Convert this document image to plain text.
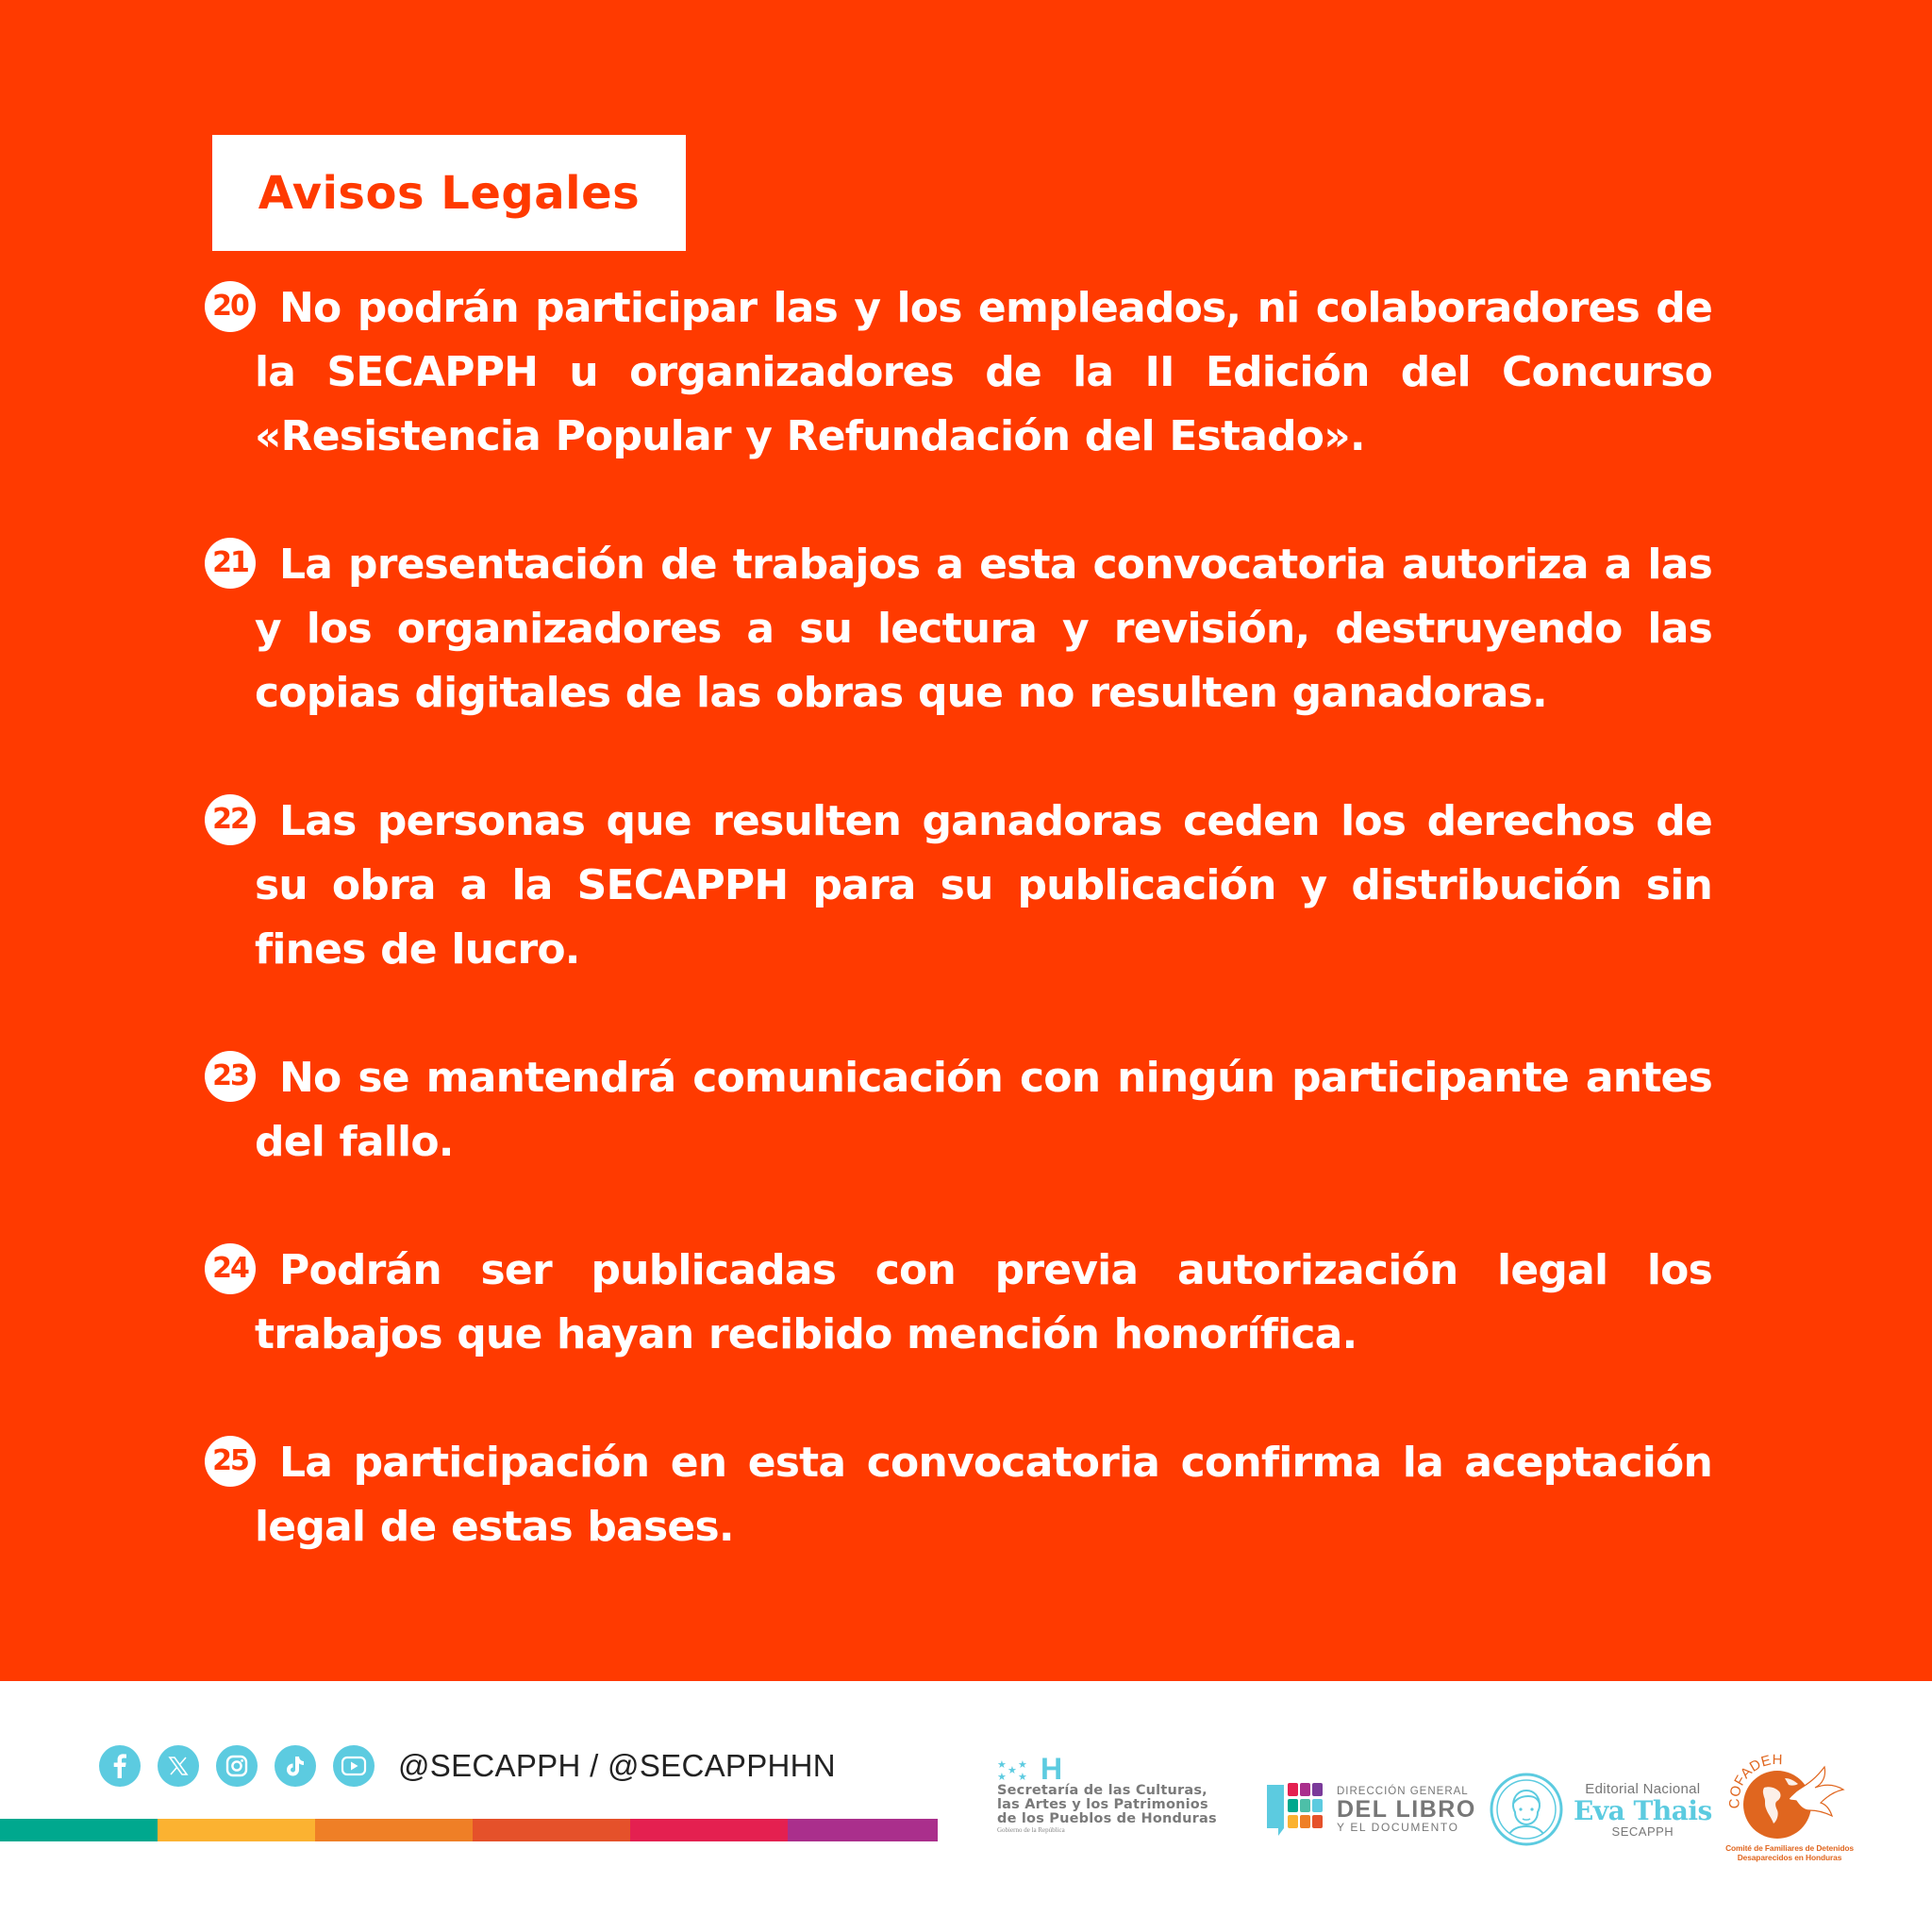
Avisos Legales
20 No podrán participar las y los empleados, ni colaboradores de la SECAPPH u organizadores de la II Edición del Concurso «Resistencia Popular y Refundación del Estado».
21 La presentación de trabajos a esta convocatoria autoriza a las y los organizadores a su lectura y revisión, destruyendo las copias digitales de las obras que no resulten ganadoras.
22 Las personas que resulten ganadoras ceden los derechos de su obra a la SECAPPH para su publicación y distribución sin fines de lucro.
23 No se mantendrá comunicación con ningún participante antes del fallo.
24 Podrán ser publicadas con previa autorización legal los trabajos que hayan recibido mención honorífica.
25 La participación en esta convocatoria confirma la aceptación legal de estas bases.
@SECAPPH / @SECAPPHHN	★ ★
★
★ ★ H
Secretaría de las Culturas,
las Artes y los Patrimonios
de los Pueblos de Honduras
Gobierno de la República
DIRECCIÓN GENERAL
DEL LIBRO
Y EL DOCUMENTO
Editorial Nacional
Eva Thais
SECAPPH
COFADEH
Comité de Familiares de Detenidos
Desaparecidos en Honduras
